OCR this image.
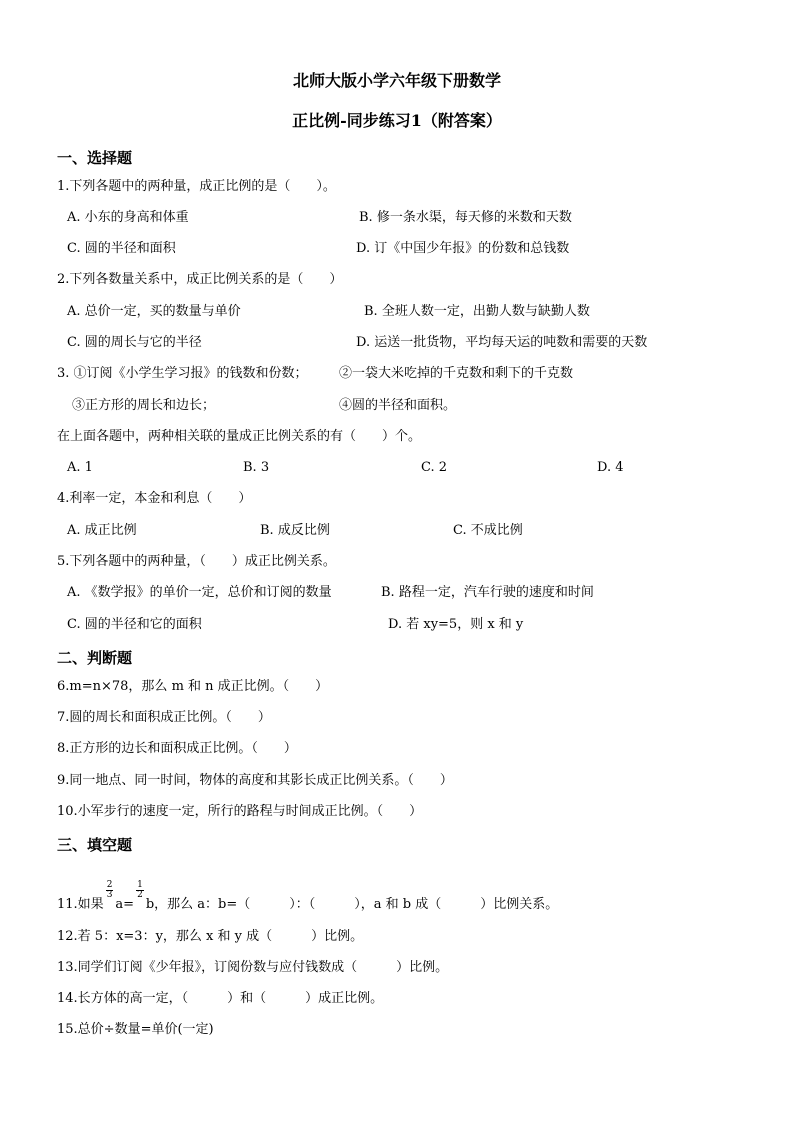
北师大版小学六年级下册数学
正比例-同步练习1（附答案）
一、选择题
1.下列各题中的两种量，成正比例的是（　　）。
A. 小东的身高和体重	B. 修一条水渠，每天修的米数和天数
C. 圆的半径和面积	D. 订《中国少年报》的份数和总钱数
2.下列各数量关系中，成正比例关系的是（　　）
A. 总价一定，买的数量与单价	B. 全班人数一定，出勤人数与缺勤人数
C. 圆的周长与它的半径	D. 运送一批货物，平均每天运的吨数和需要的天数
3. ①订阅《小学生学习报》的钱数和份数； ②一袋大米吃掉的千克数和剩下的千克数
③正方形的周长和边长；	④圆的半径和面积。
在上面各题中，两种相关联的量成正比例关系的有（　　）个。
A. 1	B. 3	C. 2	D. 4
4.利率一定，本金和利息（　　）
A. 成正比例	B. 成反比例	C. 不成比例
5.下列各题中的两种量，（　　）成正比例关系。
A. 《数学报》的单价一定，总价和订阅的数量	B. 路程一定，汽车行驶的速度和时间
C. 圆的半径和它的面积	D. 若 xy=5，则 x 和 y
二、判断题
6.m=n×78，那么 m 和 n 成正比例。（　　）
7.圆的周长和面积成正比例。（　　）
8.正方形的边长和面积成正比例。（　　）
9.同一地点、同一时间，物体的高度和其影长成正比例关系。（　　）
10.小军步行的速度一定，所行的路程与时间成正比例。（　　）
三、填空题
11.如果
$\frac{2}{3}$
a=
$\frac{1}{2}$
b，那么 a：b=（　　　）：（　　　），a 和 b 成（　　　）比例关系。
12.若 5：x=3：y，那么 x 和 y 成（　　　）比例。
13.同学们订阅《少年报》，订阅份数与应付钱数成（　　　）比例。
14.长方体的高一定，（　　　）和（　　　）成正比例。
15.总价÷数量=单价(一定)
